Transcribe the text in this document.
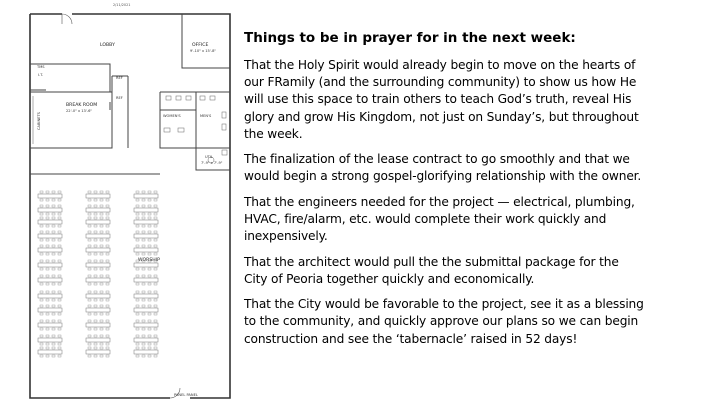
2/11/2021
LOBBY	OFFICE
9'-10" x 15'-8"
TMS
I.T.
BREAK ROOM
22'-0" x 13'-6"
REF
REF
WOMEN'S	MEN'S
UTIL
7'-9" x 7'-9"
CABINETS
WORSHIP
PANEL PANEL
Things to be in prayer for in the next week:
That the Holy Spirit would already begin to move on the hearts of
our FRamily (and the surrounding community) to show us how He
will use this space to train others to teach God’s truth, reveal His
glory and grow His Kingdom, not just on Sunday’s, but throughout
the week.
The finalization of the lease contract to go smoothly and that we
would begin a strong gospel-glorifying relationship with the owner.
That the engineers needed for the project — electrical, plumbing,
HVAC, fire/alarm, etc. would complete their work quickly and
inexpensively.
That the architect would pull the the submittal package for the
City of Peoria together quickly and economically.
That the City would be favorable to the project, see it as a blessing
to the community, and quickly approve our plans so we can begin
construction and see the ‘tabernacle’ raised in 52 days!
